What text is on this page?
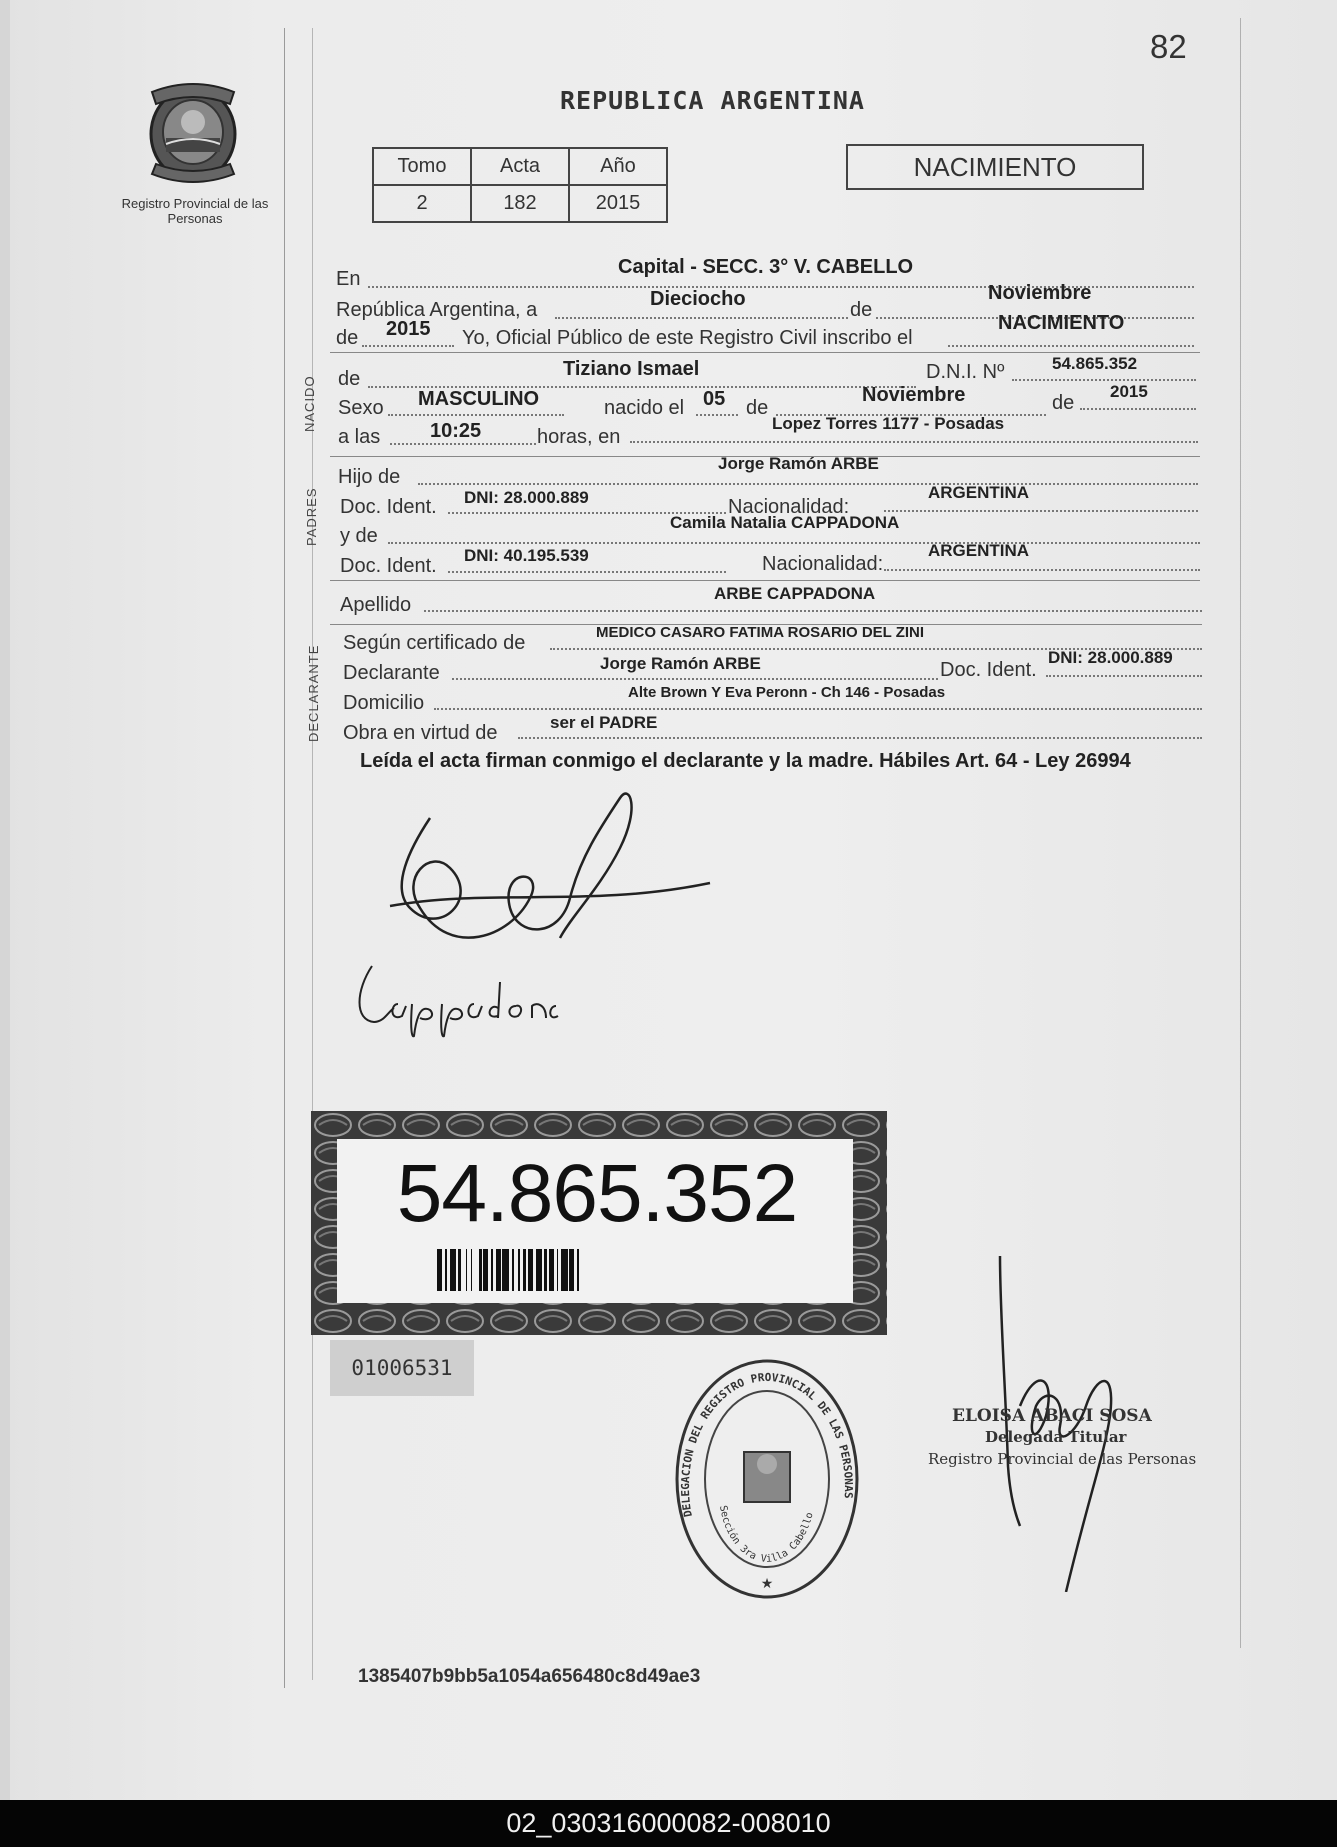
82
Registro Provincial de las Personas
REPUBLICA ARGENTINA
Tomo	Acta	Año
2	182	2015
NACIMIENTO
En
Capital - SECC. 3° V. CABELLO
República Argentina, a	Dieciocho	de
Noviembre
de 2015 Yo, Oficial Público de este Registro Civil inscribo el
NACIMIENTO
NACIDO de	Tiziano Ismael	D.N.I. Nº	54.865.352
Sexo MASCULINO	nacido el 05 de
Noviembre	de
2015
a las 10:25	horas, en
Lopez Torres 1177 - Posadas
PADRES
Hijo de
Jorge Ramón ARBE
Doc. Ident. DNI: 28.000.889	Nacionalidad:
ARGENTINA
y de
Camila Natalia CAPPADONA
Doc. Ident. DNI: 40.195.539	Nacionalidad:
ARGENTINA
Apellido
ARBE CAPPADONA
DECLARANTE
Según certificado de	MEDICO CASARO FATIMA ROSARIO DEL ZINI
Declarante	Jorge Ramón ARBE	Doc. Ident.
DNI: 28.000.889
Domicilio	Alte Brown Y Eva Peronn - Ch 146 - Posadas
Obra en virtud de	ser el PADRE
Leída el acta firman conmigo el declarante y la madre. Hábiles Art. 64 - Ley 26994
54.865.352
01006531
★
DELEGACION DEL REGISTRO PROVINCIAL DE LAS PERSONAS
Sección 3ra Villa Cabello
ELOISA ABACI SOSA
Delegada Titular
Registro Provincial de las Personas
1385407b9bb5a1054a656480c8d49ae3
02_030316000082-008010
